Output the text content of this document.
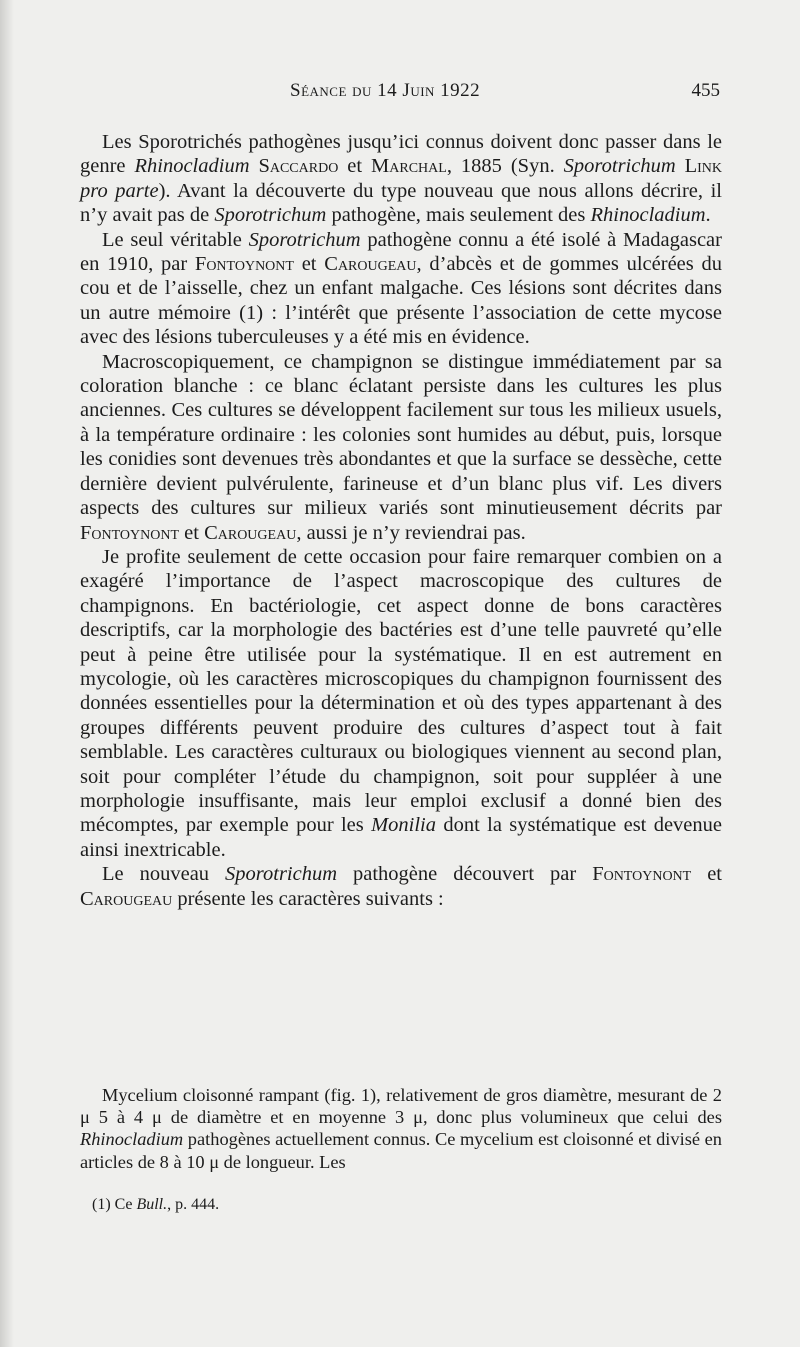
Séance du 14 Juin 1922	455

Les Sporotrichés pathogènes jusqu’ici connus doivent donc passer dans le genre Rhinocladium Saccardo et Marchal, 1885 (Syn. Sporotrichum Link pro parte). Avant la découverte du type nouveau que nous allons décrire, il n’y avait pas de Sporotrichum pathogène, mais seulement des Rhinocladium.

Le seul véritable Sporotrichum pathogène connu a été isolé à Madagascar en 1910, par Fontoynont et Carougeau, d’abcès et de gommes ulcérées du cou et de l’aisselle, chez un enfant malgache. Ces lésions sont décrites dans un autre mémoire (1) : l’intérêt que présente l’association de cette mycose avec des lésions tuberculeuses y a été mis en évidence.

Macroscopiquement, ce champignon se distingue immédiatement par sa coloration blanche : ce blanc éclatant persiste dans les cultures les plus anciennes. Ces cultures se développent facilement sur tous les milieux usuels, à la température ordinaire : les colonies sont humides au début, puis, lorsque les conidies sont devenues très abondantes et que la surface se dessèche, cette dernière devient pulvérulente, farineuse et d’un blanc plus vif. Les divers aspects des cultures sur milieux variés sont minutieusement décrits par Fontoynont et Carougeau, aussi je n’y reviendrai pas.

Je profite seulement de cette occasion pour faire remarquer combien on a exagéré l’importance de l’aspect macroscopique des cultures de champignons. En bactériologie, cet aspect donne de bons caractères descriptifs, car la morphologie des bactéries est d’une telle pauvreté qu’elle peut à peine être utilisée pour la systématique. Il en est autrement en mycologie, où les caractères microscopiques du champignon fournissent des données essentielles pour la détermination et où des types appartenant à des groupes différents peuvent produire des cultures d’aspect tout à fait semblable. Les caractères culturaux ou biologiques viennent au second plan, soit pour compléter l’étude du champignon, soit pour suppléer à une morphologie insuffisante, mais leur emploi exclusif a donné bien des mécomptes, par exemple pour les Monilia dont la systématique est devenue ainsi inextricable.

Le nouveau Sporotrichum pathogène découvert par Fontoynont et Carougeau présente les caractères suivants :

Mycelium cloisonné rampant (fig. 1), relativement de gros diamètre, mesurant de 2 μ 5 à 4 μ de diamètre et en moyenne 3 μ, donc plus volumineux que celui des Rhinocladium pathogènes actuellement connus. Ce mycelium est cloisonné et divisé en articles de 8 à 10 μ de longueur. Les

(1) Ce Bull., p. 444.
